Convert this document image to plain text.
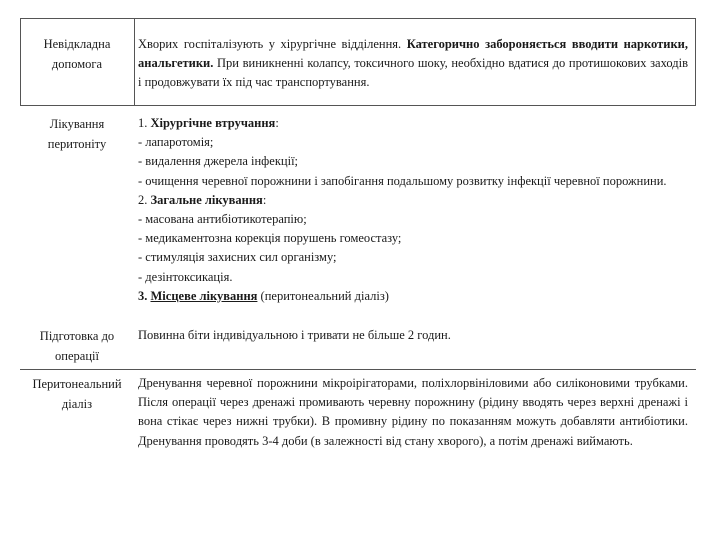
Невідкладна допомога

Хворих госпіталізують у хірургічне відділення. Категорично забороняється вводити наркотики, анальгетики. При виникненні колапсу, токсичного шоку, необхідно вдатися до протишокових заходів і продовжувати їх під час транспортування.

Лікування перитоніту

1. Хірургічне втручання:

- лапаротомія;

- видалення джерела інфекції;

- очищення черевної порожнини і запобігання подальшому розвитку інфекції черевної порожнини.

2. Загальне лікування:

- масована антибіотикотерапію;

- медикаментозна корекція порушень гомеостазу;

- стимуляція захисних сил організму;

- дезінтоксикація.

3. Місцеве лікування (перитонеальний діаліз)

Підготовка до операції

Повинна біти індивідуальною і тривати не більше 2 годин.

Перитонеальний діаліз

Дренування черевної порожнини мікроірігаторами, поліхлорвініловими або силіконовими трубками. Після операції через дренажі промивають черевну порожнину (рідину вводять через верхні дренажі і вона стікає через нижні трубки). В промивну рідину по показанням можуть добавляти антибіотики. Дренування проводять 3-4 доби (в залежності від стану хворого), а потім дренажі виймають.
